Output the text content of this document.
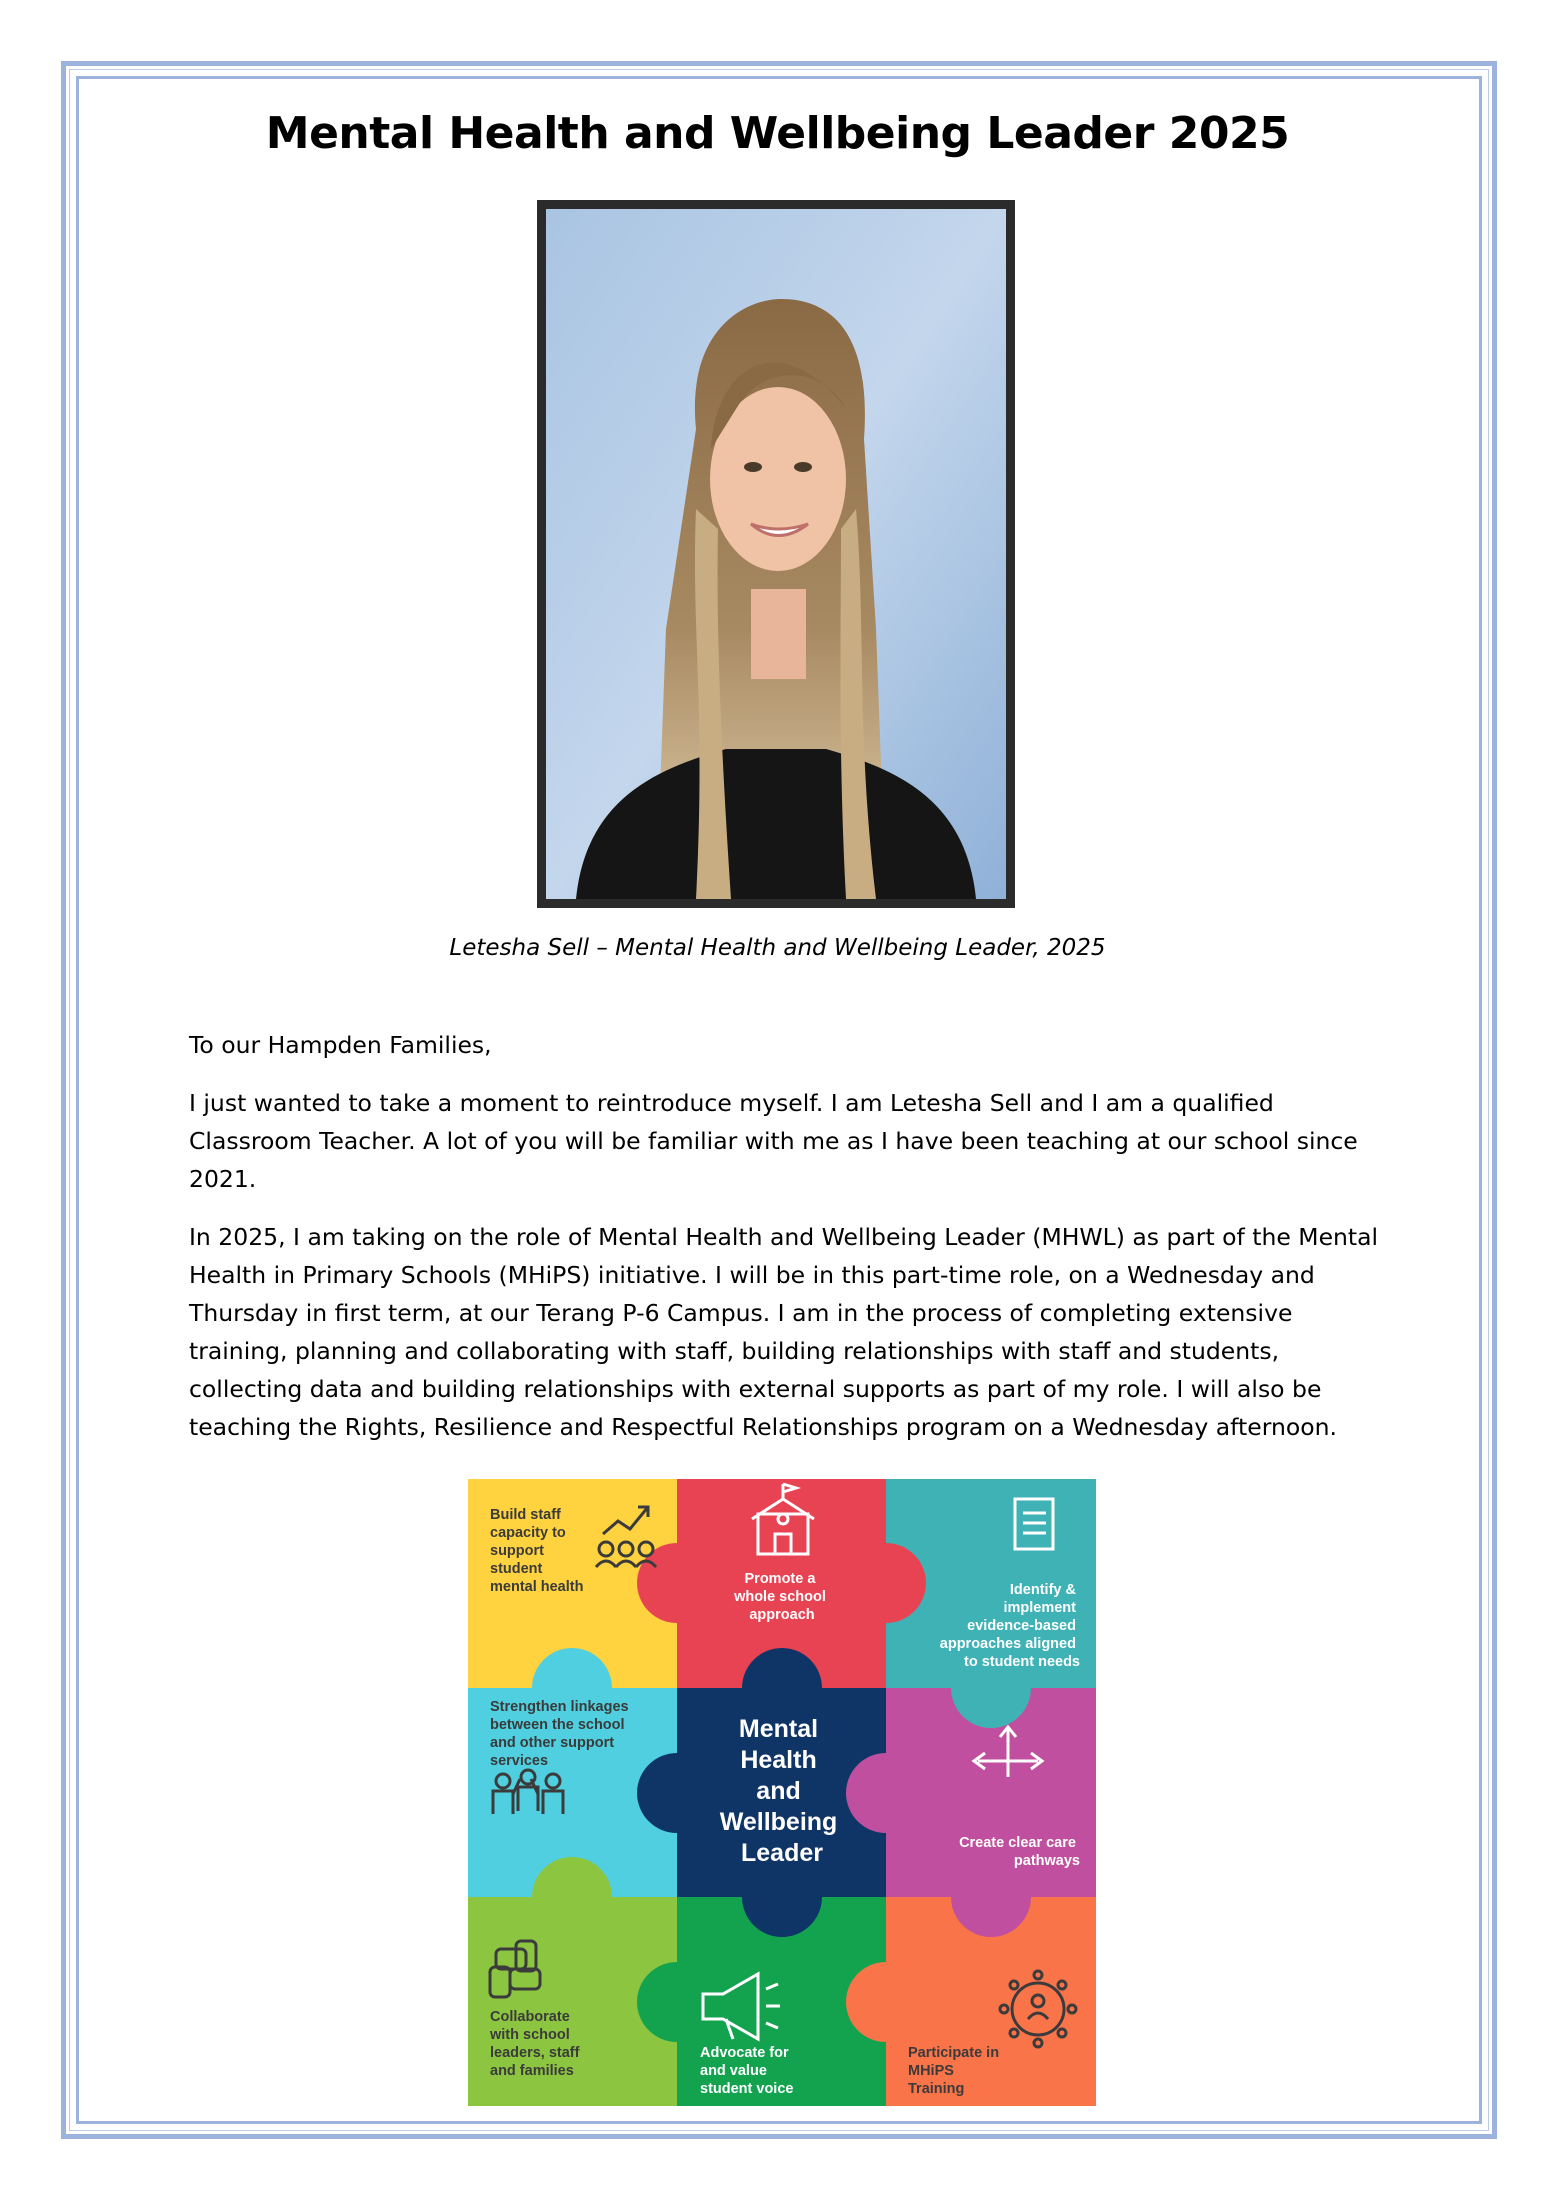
Mental Health and Wellbeing Leader 2025
Letesha Sell – Mental Health and Wellbeing Leader, 2025

To our Hampden Families,

I just wanted to take a moment to reintroduce myself. I am Letesha Sell and I am a qualified Classroom Teacher. A lot of you will be familiar with me as I have been teaching at our school since 2021.

In 2025, I am taking on the role of Mental Health and Wellbeing Leader (MHWL) as part of the Mental Health in Primary Schools (MHiPS) initiative. I will be in this part-time role, on a Wednesday and Thursday in first term, at our Terang P-6 Campus. I am in the process of completing extensive training, planning and collaborating with staff, building relationships with staff and students, collecting data and building relationships with external supports as part of my role. I will also be teaching the Rights, Resilience and Respectful Relationships program on a Wednesday afternoon.

Build staff capacity to support student mental health	Promote a whole school approach
Identify & implement evidence-based approaches aligned to student needs
Strengthen linkages between the school and other support services
Create clear care pathways
Collaborate with school leaders, staff and families
Advocate for and value student voice
Participate in MHiPS Training
Mental Health and Wellbeing Leader
